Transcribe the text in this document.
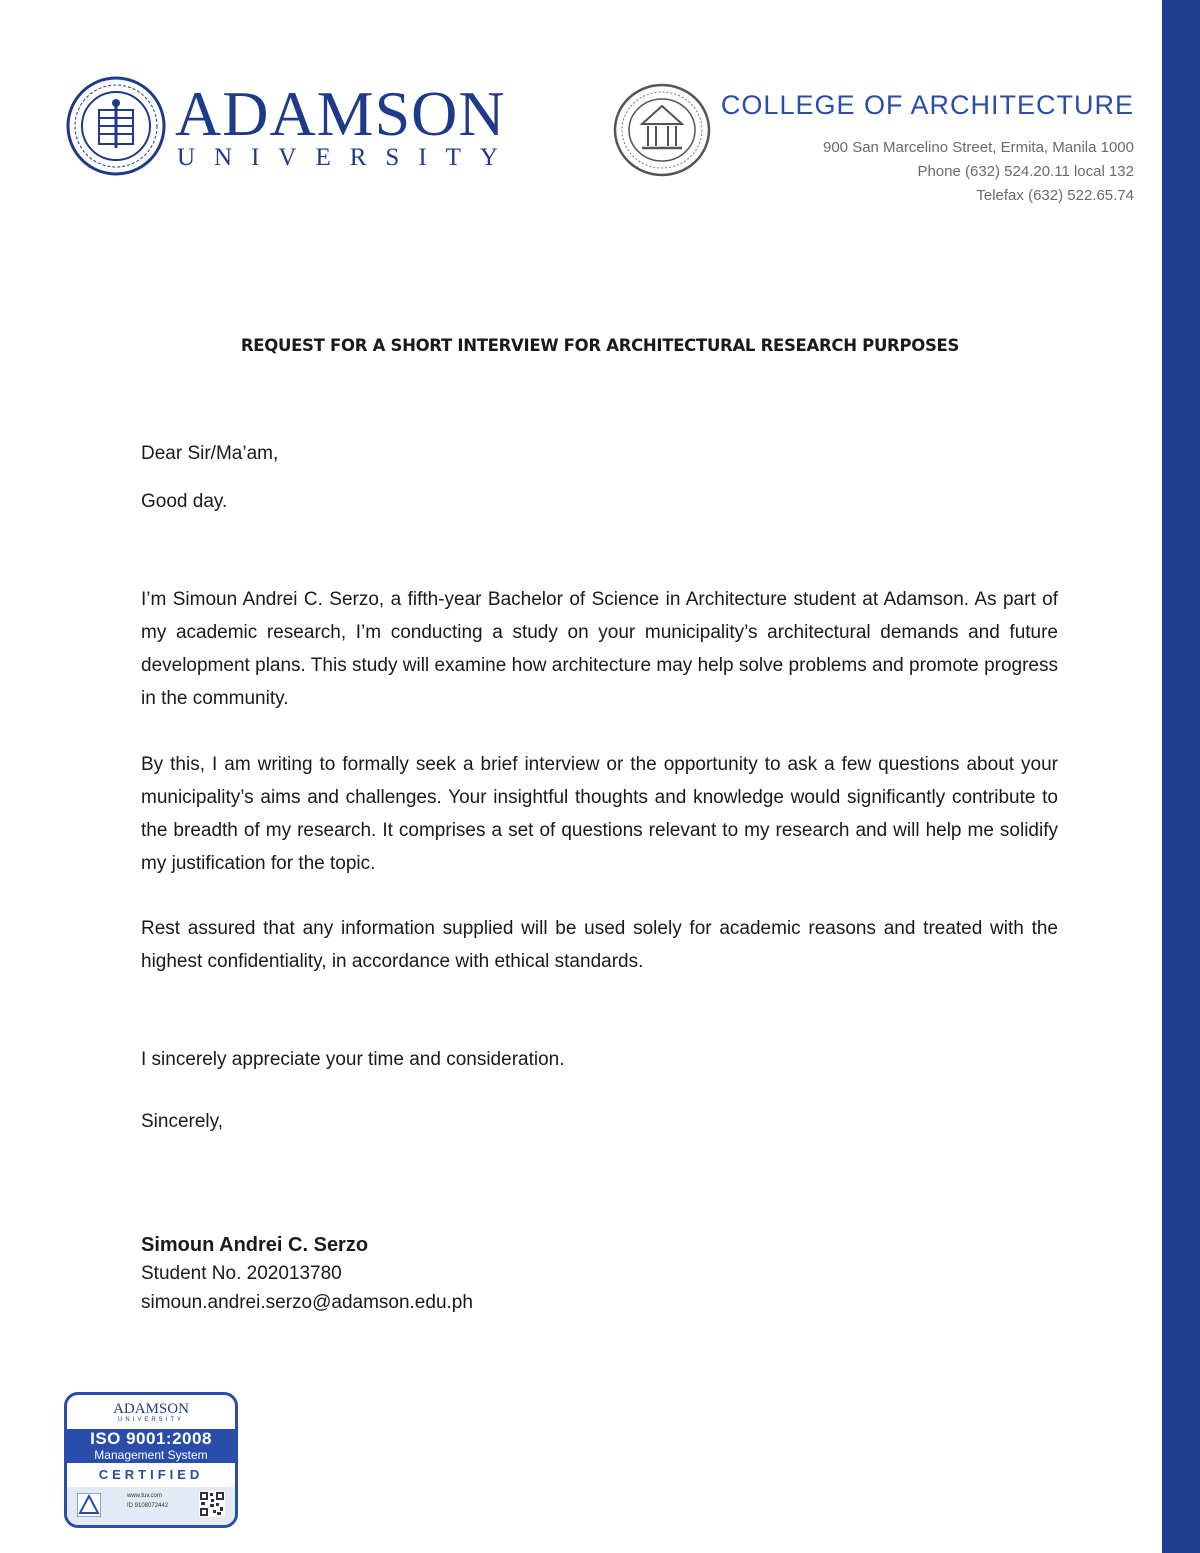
ADAMSON

UNIVERSITY

COLLEGE OF ARCHITECTURE

900 San Marcelino Street, Ermita, Manila 1000
Phone (632) 524.20.11 local 132
Telefax (632) 522.65.74

REQUEST FOR A SHORT INTERVIEW FOR ARCHITECTURAL RESEARCH PURPOSES

Dear Sir/Ma’am,

Good day.

I’m Simoun Andrei C. Serzo, a fifth-year Bachelor of Science in Architecture student at Adamson. As part of my academic research, I’m conducting a study on your municipality’s architectural demands and future development plans. This study will examine how architecture may help solve problems and promote progress in the community.

By this, I am writing to formally seek a brief interview or the opportunity to ask a few questions about your municipality’s aims and challenges. Your insightful thoughts and knowledge would significantly contribute to the breadth of my research. It comprises a set of questions relevant to my research and will help me solidify my justification for the topic.

Rest assured that any information supplied will be used solely for academic reasons and treated with the highest confidentiality, in accordance with ethical standards.

I sincerely appreciate your time and consideration.

Sincerely,

Simoun Andrei C. Serzo

Student No. 202013780

simoun.andrei.serzo@adamson.edu.ph

ADAMSON
UNIVERSITY
ISO 9001:2008
Management System
CERTIFIED
www.tuv.com
ID 9108072442
